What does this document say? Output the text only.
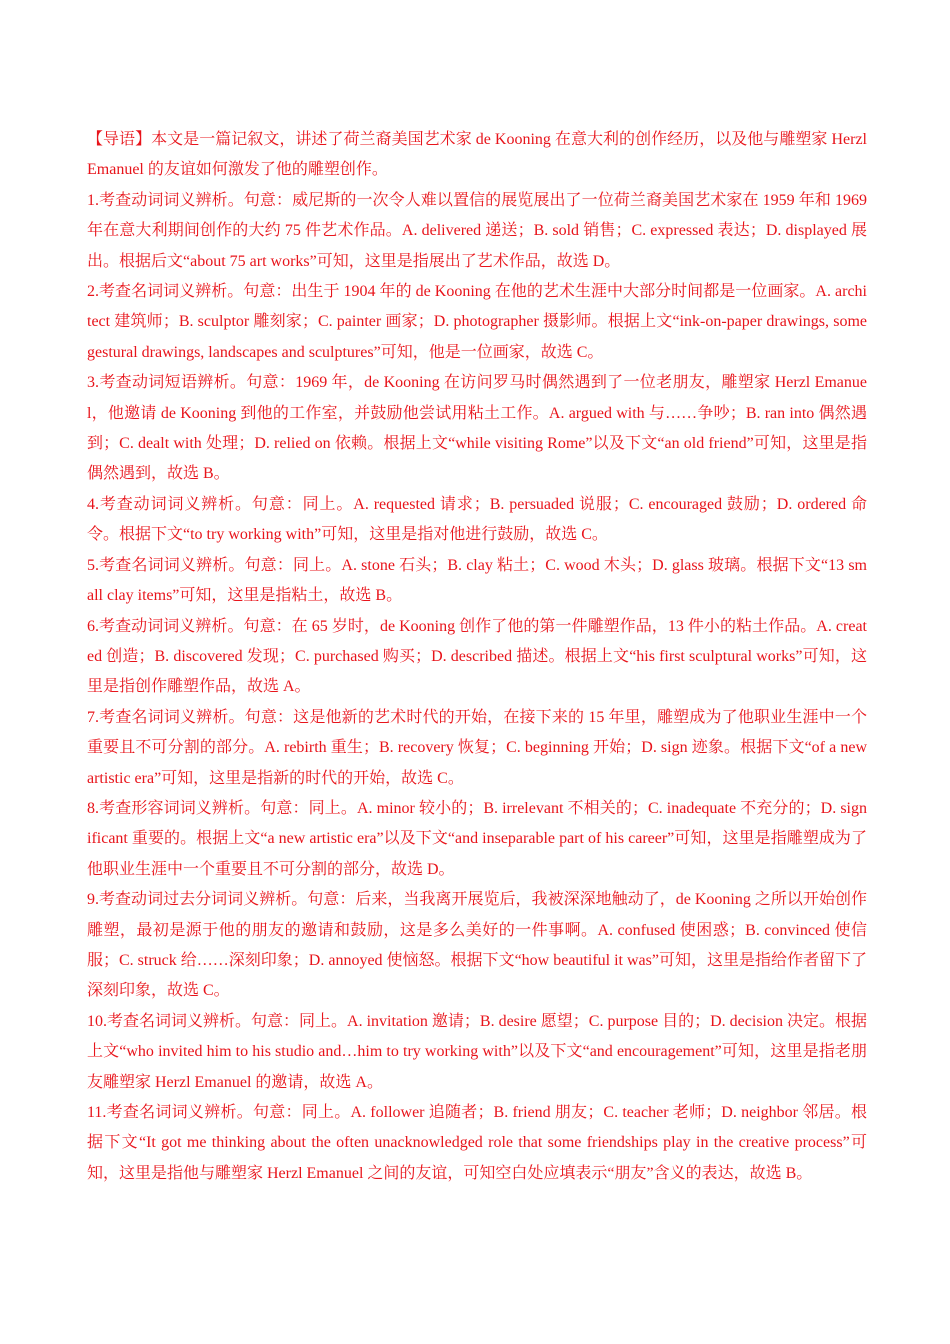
【导语】本文是一篇记叙文，讲述了荷兰裔美国艺术家 de Kooning 在意大利的创作经历，以及他与雕塑家 Herzl Emanuel 的友谊如何激发了他的雕塑创作。

1.考查动词词义辨析。句意：威尼斯的一次令人难以置信的展览展出了一位荷兰裔美国艺术家在 1959 年和 1969 年在意大利期间创作的大约 75 件艺术作品。A. delivered 递送；B. sold 销售；C. expressed 表达；D. displayed 展出。根据后文“about 75 art works”可知，这里是指展出了艺术作品，故选 D。

2.考查名词词义辨析。句意：出生于 1904 年的 de Kooning 在他的艺术生涯中大部分时间都是一位画家。A. architect 建筑师；B. sculptor 雕刻家；C. painter 画家；D. photographer 摄影师。根据上文“ink-on-paper drawings, some gestural drawings, landscapes and sculptures”可知，他是一位画家，故选 C。

3.考查动词短语辨析。句意：1969 年，de Kooning 在访问罗马时偶然遇到了一位老朋友，雕塑家 Herzl Emanuel，他邀请 de Kooning 到他的工作室，并鼓励他尝试用粘土工作。A. argued with 与……争吵；B. ran into 偶然遇到；C. dealt with 处理；D. relied on 依赖。根据上文“while visiting Rome”以及下文“an old friend”可知，这里是指偶然遇到，故选 B。

4.考查动词词义辨析。句意：同上。A. requested 请求；B. persuaded 说服；C. encouraged 鼓励；D. ordered 命令。根据下文“to try working with”可知，这里是指对他进行鼓励，故选 C。

5.考查名词词义辨析。句意：同上。A. stone 石头；B. clay 粘土；C. wood 木头；D. glass 玻璃。根据下文“13 small clay items”可知，这里是指粘土，故选 B。

6.考查动词词义辨析。句意：在 65 岁时，de Kooning 创作了他的第一件雕塑作品，13 件小的粘土作品。A. created 创造；B. discovered 发现；C. purchased 购买；D. described 描述。根据上文“his first sculptural works”可知，这里是指创作雕塑作品，故选 A。

7.考查名词词义辨析。句意：这是他新的艺术时代的开始，在接下来的 15 年里，雕塑成为了他职业生涯中一个重要且不可分割的部分。A. rebirth 重生；B. recovery 恢复；C. beginning 开始；D. sign 迹象。根据下文“of a new artistic era”可知，这里是指新的时代的开始，故选 C。

8.考查形容词词义辨析。句意：同上。A. minor 较小的；B. irrelevant 不相关的；C. inadequate 不充分的；D. significant 重要的。根据上文“a new artistic era”以及下文“and inseparable part of his career”可知，这里是指雕塑成为了他职业生涯中一个重要且不可分割的部分，故选 D。

9.考查动词过去分词词义辨析。句意：后来，当我离开展览后，我被深深地触动了，de Kooning 之所以开始创作雕塑，最初是源于他的朋友的邀请和鼓励，这是多么美好的一件事啊。A. confused 使困惑；B. convinced 使信服；C. struck 给……深刻印象；D. annoyed 使恼怒。根据下文“how beautiful it was”可知，这里是指给作者留下了深刻印象，故选 C。

10.考查名词词义辨析。句意：同上。A. invitation 邀请；B. desire 愿望；C. purpose 目的；D. decision 决定。根据上文“who invited him to his studio and…him to try working with”以及下文“and encouragement”可知，这里是指老朋友雕塑家 Herzl Emanuel 的邀请，故选 A。

11.考查名词词义辨析。句意：同上。A. follower 追随者；B. friend 朋友；C. teacher 老师；D. neighbor 邻居。根据下文“It got me thinking about the often unacknowledged role that some friendships play in the creative process”可知，这里是指他与雕塑家 Herzl Emanuel 之间的友谊，可知空白处应填表示“朋友”含义的表达，故选 B。
